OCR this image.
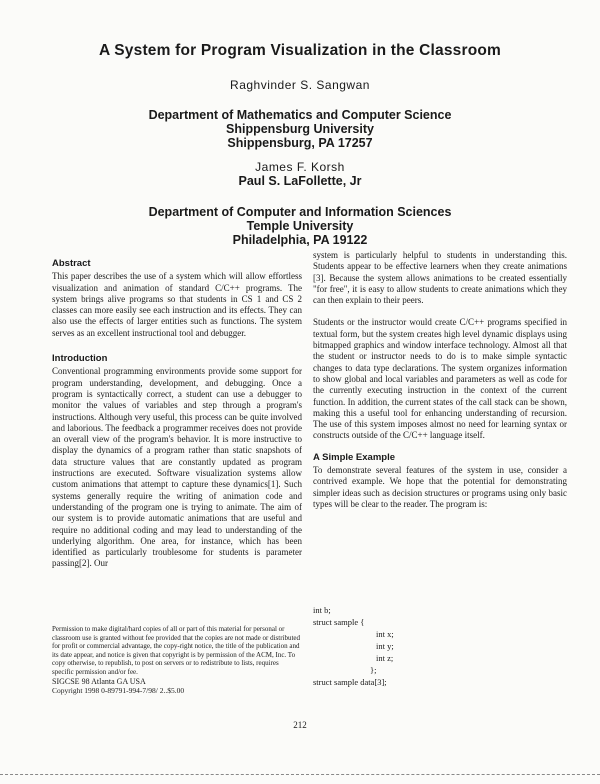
A System for Program Visualization in the Classroom
Raghvinder S. Sangwan
Department of Mathematics and Computer Science
Shippensburg University
Shippensburg, PA 17257
James F. Korsh
Paul S. LaFollette, Jr
Department of Computer and Information Sciences
Temple University
Philadelphia, PA 19122
Abstract

This paper describes the use of a system which will allow effortless visualization and animation of standard C/C++ programs. The system brings alive programs so that students in CS 1 and CS 2 classes can more easily see each instruction and its effects. They can also use the effects of larger entities such as functions. The system serves as an excellent instructional tool and debugger.

Introduction

Conventional programming environments provide some support for program understanding, development, and debugging. Once a program is syntactically correct, a student can use a debugger to monitor the values of variables and step through a program's instructions. Although very useful, this process can be quite involved and laborious. The feedback a programmer receives does not provide an overall view of the program's behavior. It is more instructive to display the dynamics of a program rather than static snapshots of data structure values that are constantly updated as program instructions are executed. Software visualization systems allow custom animations that attempt to capture these dynamics[1]. Such systems generally require the writing of animation code and understanding of the program one is trying to animate. The aim of our system is to provide automatic animations that are useful and require no additional coding and may lead to understanding of the underlying algorithm. One area, for instance, which has been identified as particularly troublesome for students is parameter passing[2]. Our

Permission to make digital/hard copies of all or part of this material for personal or classroom use is granted without fee provided that the copies are not made or distributed for profit or commercial advantage, the copy-right notice, the title of the publication and its date appear, and notice is given that copyright is by permission of the ACM, Inc. To copy otherwise, to republish, to post on servers or to redistribute to lists, requires specific permission and/or fee.

SIGCSE 98 Atlanta GA USA

Copyright 1998 0-89791-994-7/98/ 2..$5.00

system is particularly helpful to students in understanding this. Students appear to be effective learners when they create animations [3]. Because the system allows animations to be created essentially "for free", it is easy to allow students to create animations which they can then explain to their peers.

Students or the instructor would create C/C++ programs specified in textual form, but the system creates high level dynamic displays using bitmapped graphics and window interface technology. Almost all that the student or instructor needs to do is to make simple syntactic changes to data type declarations. The system organizes information to show global and local variables and parameters as well as code for the currently executing instruction in the context of the current function. In addition, the current states of the call stack can be shown, making this a useful tool for enhancing understanding of recursion. The use of this system imposes almost no need for learning syntax or constructs outside of the C/C++ language itself.

A Simple Example

To demonstrate several features of the system in use, consider a contrived example. We hope that the potential for demonstrating simpler ideas such as decision structures or programs using only basic types will be clear to the reader. The program is:

int b;
struct sample {
int x;
int y;
int z;
};
struct sample data[3];
212
